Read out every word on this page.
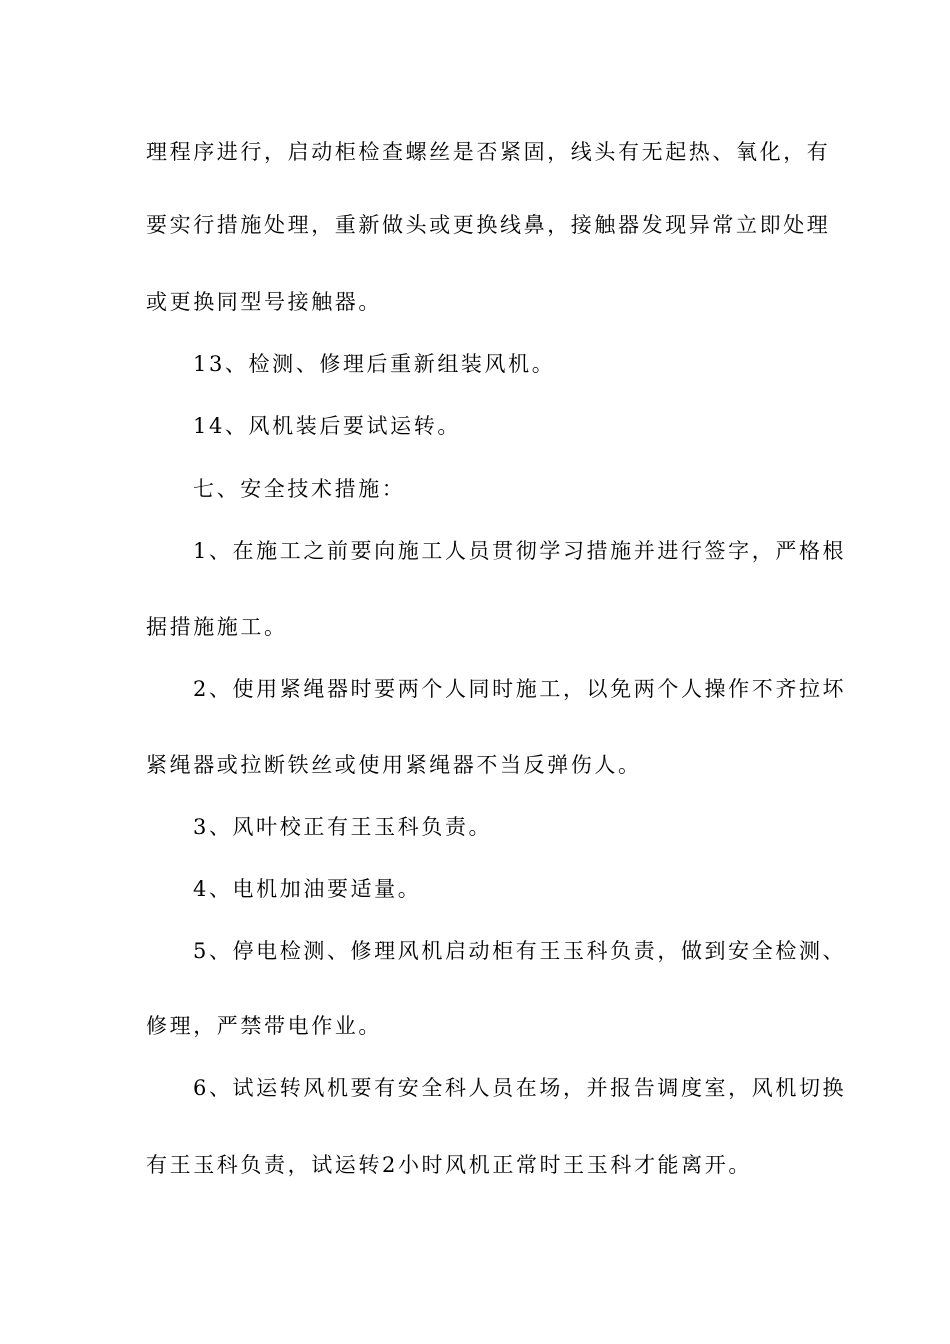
理程序进行，启动柜检查螺丝是否紧固，线头有无起热、氧化，有
要实行措施处理，重新做头或更换线鼻，接触器发现异常立即处理
或更换同型号接触器。
13、检测、修理后重新组装风机。
14、风机装后要试运转。
七、安全技术措施：
1、在施工之前要向施工人员贯彻学习措施并进行签字，严格根
据措施施工。
2、使用紧绳器时要两个人同时施工，以免两个人操作不齐拉坏
紧绳器或拉断铁丝或使用紧绳器不当反弹伤人。
3、风叶校正有王玉科负责。
4、电机加油要适量。
5、停电检测、修理风机启动柜有王玉科负责，做到安全检测、
修理，严禁带电作业。
6、试运转风机要有安全科人员在场，并报告调度室，风机切换
有王玉科负责，试运转2小时风机正常时王玉科才能离开。
